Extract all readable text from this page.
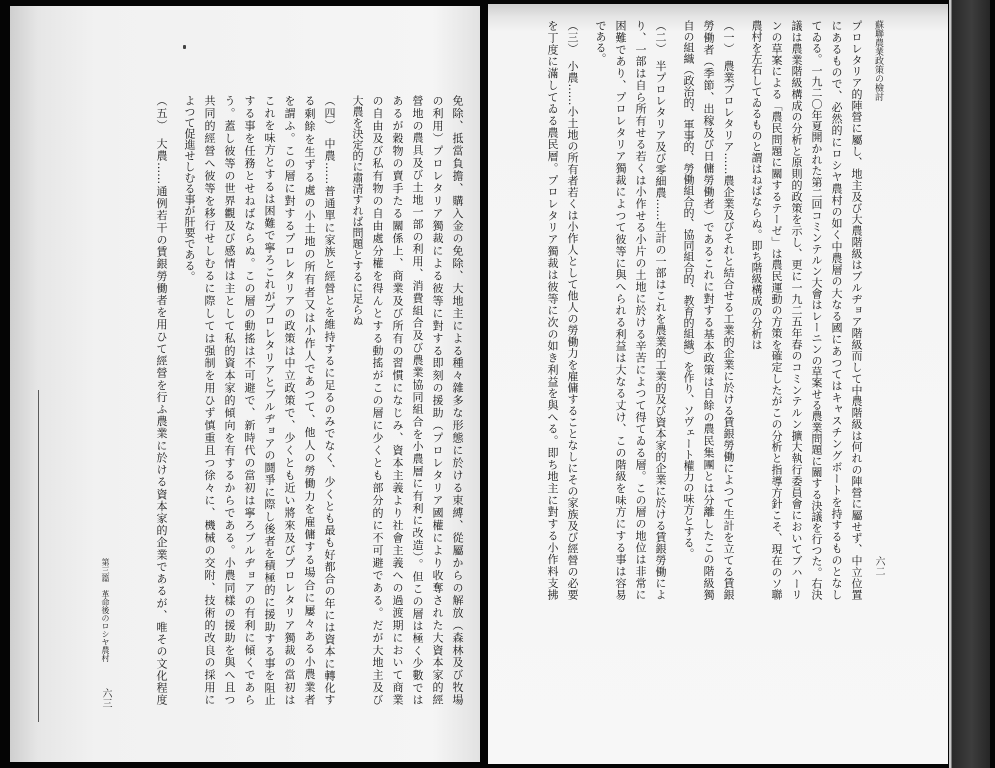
第三篇　革命後のロシヤ農村
六三	免除、抵當負擔、購入金の免除、大地主による種々雜多な形態に於ける束縛、從屬からの解放（森林及び牧場
の利用）プロレタリア獨裁による彼等に對する即刻の援助（プロレタリア國權により收奪された大資本家的經
營地の農具及び土地一部の利用、消費組合及び農業協同組合を小農層に有利に改造）。但この層は極く少數では
あるが穀物の賣手たる關係上、商業及び所有の習慣になじみ、資本主義より社會主義への過渡期において商業
の自由及び私有物の自由處分權を得んとする動搖がこの層に少くとも部分的に不可避である。だが大地主及び
大農を決定的に肅清すれば問題とするに足らぬ
（四）　中農……普通單に家族と經營とを維持するに足るのみでなく、少くとも最も好都合の年には資本に轉化す
る剩餘を生ずる處の小土地の所有者又は小作人であつて、他人の勞働力を雇傭する場合に屢々ある小農業者
を謂ふ。この層に對するプロレタリアの政策は中立政策で、少くとも近い將來及びプロレタリア獨裁の當初は
これを味方とするは困難で寧ろこれがプロレタリアとブルヂョアの鬪爭に際し後者を積極的に援助する事を阻止
する事を任務とせねばならぬ。この層の動搖は不可避で、新時代の當初は寧ろブルヂョアの有利に傾くであら
う。蓋し彼等の世界觀及び感情は主として私的資本家的傾向を有するからである。小農同樣の援助を與へ且つ
共同的經營へ彼等を移行せしむるに際しては强制を用ひず慎重且つ徐々に、機械の交附、技術的改良の採用に
よつて促進せしむる事が肝要である。
（五）　大農……通例若干の賃銀勞働者を用ひて經營を行ふ農業に於ける資本家的企業であるが、唯その文化程度
蘇聯農業政策の檢討
六二
プロレタリア的陣營に屬し、地主及び大農階級はブルヂョア階級而して中農階級は何れの陣營に屬せず、中立位置
にあるもので、必然的にロシヤ農村の如く中農層の大なる國にあつてはキャスチングボートを持するものとなし
てゐる。一九二〇年夏開かれた第二回コミンテルン大會はレーニンの草案せる農業問題に關する決議を行つた。右決
議は農業階級構成の分析と原則的政策を示し、更に一九二五年春のコミンテルン擴大執行委員會においてブハーリ
ンの草案による「農民問題に關するテーゼ」は農民運動の方策を確定したがこの分析と指導方針こそ、現在のソ聯
農村を左右してゐるものと謂はねばならぬ。即ち階級構成の分析は
（一）　農業プロレタリア……農企業及びそれと結合せる工業的企業に於ける賃銀勞働によつて生計を立てる賃銀
勞働者（季節、出稼及び日傭勞働者）であるこれに對する基本政策は自餘の農民集團とは分離したこの階級獨
自の組織（政治的、軍事的、勞働組合的、協同組合的、教育的組織）を作り、ソヴェート權力の味方とする。
（二）　半プロレタリア及び零細農……生計の一部はこれを農業的工業的及び資本家的企業に於ける賃銀勞働によ
り、一部は自ら所有せる若くは小作せる小片の土地に於ける辛苦によつて得てゐる層。この層の地位は非常に
困難であり、プロレタリア獨裁によつて彼等に與へられる利益は大なる丈け、この階級を味方にする事は容易
である。
（三）　小農……小土地の所有者若くは小作人として他人の勞働力を雇傭することなしにその家族及び經營の必要
を丁度に滿してゐる農民層。プロレタリア獨裁は彼等に次の如き利益を與へる。即ち地主に對する小作料支拂
